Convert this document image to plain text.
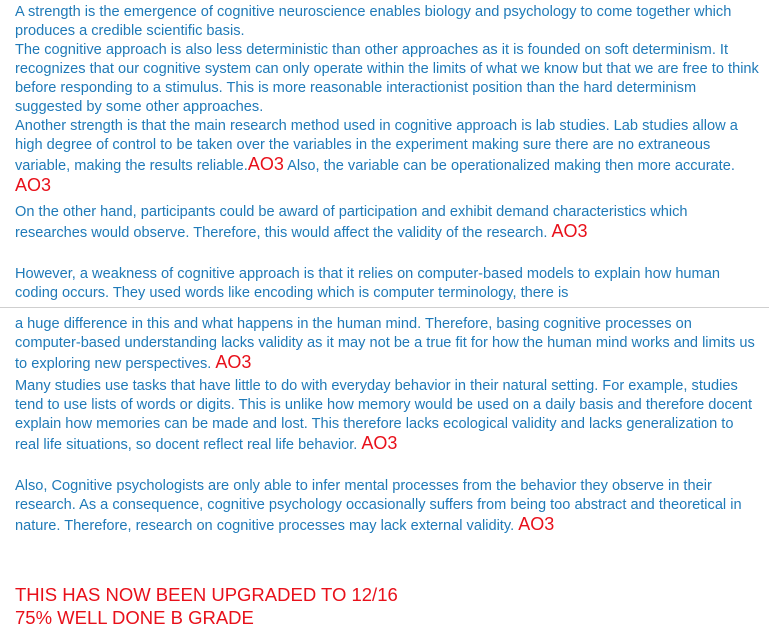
A strength is the emergence of cognitive neuroscience enables biology and psychology to come together which produces a credible scientific basis.

The cognitive approach is also less deterministic than other approaches as it is founded on soft determinism. It recognizes that our cognitive system can only operate within the limits of what we know but that we are free to think before responding to a stimulus. This is more reasonable interactionist position than the hard determinism suggested by some other approaches.

Another strength is that the main research method used in cognitive approach is lab studies. Lab studies allow a high degree of control to be taken over the variables in the experiment making sure there are no extraneous variable, making the results reliable.AO3 Also, the variable can be operationalized making then more accurate. AO3

On the other hand, participants could be award of participation and exhibit demand characteristics which researches would observe. Therefore, this would affect the validity of the research. AO3

However, a weakness of cognitive approach is that it relies on computer-based models to explain how human coding occurs. They used words like encoding which is computer terminology, there is

a huge difference in this and what happens in the human mind. Therefore, basing cognitive processes on computer-based understanding lacks validity as it may not be a true fit for how the human mind works and limits us to exploring new perspectives. AO3

Many studies use tasks that have little to do with everyday behavior in their natural setting. For example, studies tend to use lists of words or digits. This is unlike how memory would be used on a daily basis and therefore docent explain how memories can be made and lost. This therefore lacks ecological validity and lacks generalization to real life situations, so docent reflect real life behavior. AO3

Also, Cognitive psychologists are only able to infer mental processes from the behavior they observe in their research. As a consequence, cognitive psychology occasionally suffers from being too abstract and theoretical in nature. Therefore, research on cognitive processes may lack external validity. AO3

THIS HAS NOW BEEN UPGRADED TO 12/16

75% WELL DONE B GRADE
